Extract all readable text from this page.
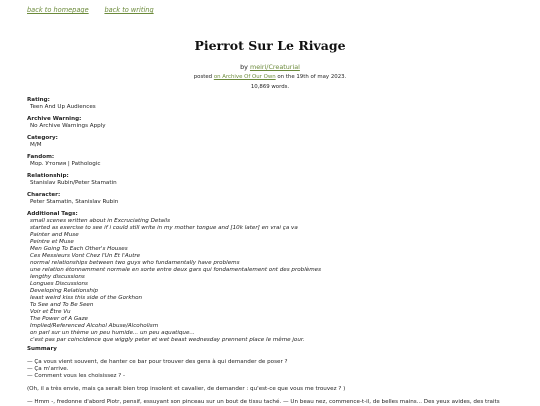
back to homepage back to writing
Pierrot Sur Le Rivage
by meiri/Creaturial
posted on Archive Of Our Own on the 19th of may 2023.
10,869 words.
Rating:
Teen And Up Audiences
Archive Warning:
No Archive Warnings Apply
Category:
M/M
Fandom:
Мор. Утопия | Pathologic
Relationship:
Stanislav Rubin/Peter Stamatin
Character:
Peter Stamatin, Stanislav Rubin
Additional Tags:
small scenes written about in Excruciating Details
started as exercise to see if i could still write in my mother tongue and [10k later] en vrai ça va
Painter and Muse
Peintre et Muse
Men Going To Each Other's Houses
Ces Messieurs Vont Chez l'Un Et l'Autre
normal relationships between two guys who fundamentally have problems
une relation étonnamment normale en sorte entre deux gars qui fondamentalement ont des problèmes
lengthy discussions
Longues Discussions
Developing Relationship
least weird kiss this side of the Gorkhon
To See and To Be Seen
Voir et Être Vu
The Power of A Gaze
Implied/Referenced Alcohol Abuse/Alcoholism
on parl sur un thème un peu humide... un peu aquatique...
c'est pas par coincidence que wiggly peter et wet beast wednesday prennent place le même jour.
Summary

— Ça vous vient souvent, de hanter ce bar pour trouver des gens à qui demander de poser ?

— Ça m'arrive.

— Comment vous les choisissez ? -

(Oh, il a très envie, mais ça serait bien trop insolent et cavalier, de demander : qu'est-ce que vous me trouvez ? )

— Hmm -, fredonne d'abord Piotr, pensif, essuyant son pinceau sur un bout de tissu taché. — Un beau nez, commence-t-il, de belles mains... Des yeux avides, des traits
